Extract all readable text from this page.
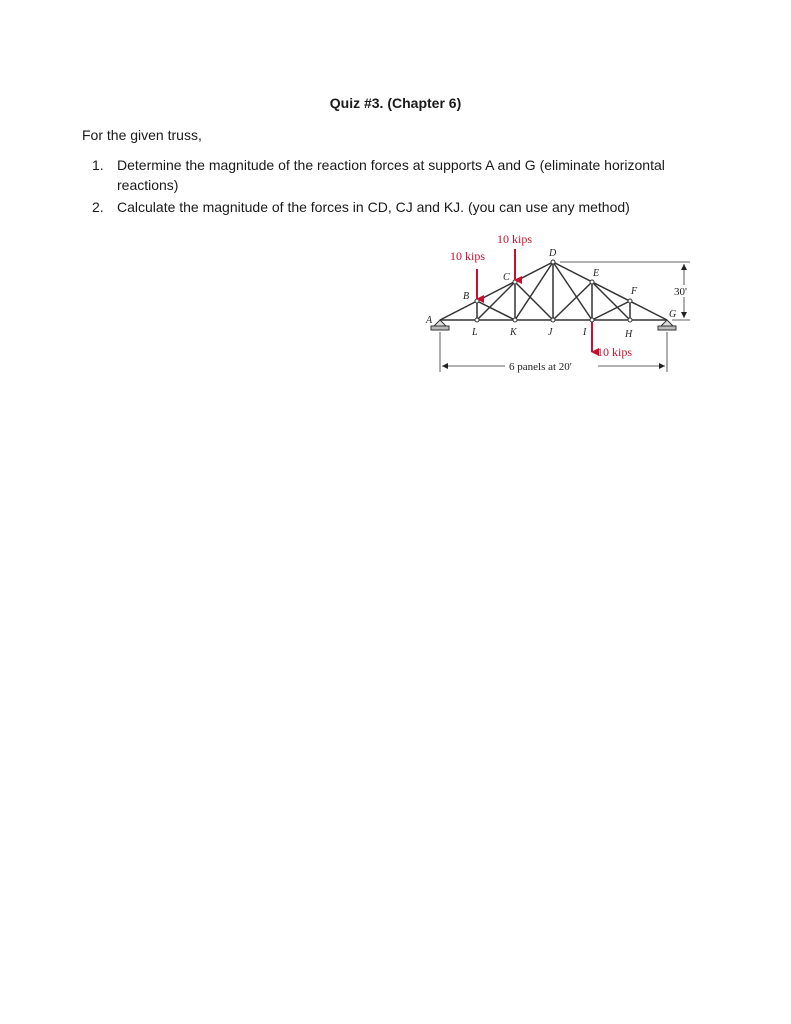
Quiz #3. (Chapter 6)
For the given truss,
1. Determine the magnitude of the reaction forces at supports A and G (eliminate horizontal reactions)
2. Calculate the magnitude of the forces in CD, CJ and KJ. (you can use any method)
A
B
C
D
E
F
G
H
I
J
K
L
10 kips
10 kips
10 kips
30'
6 panels at 20'
